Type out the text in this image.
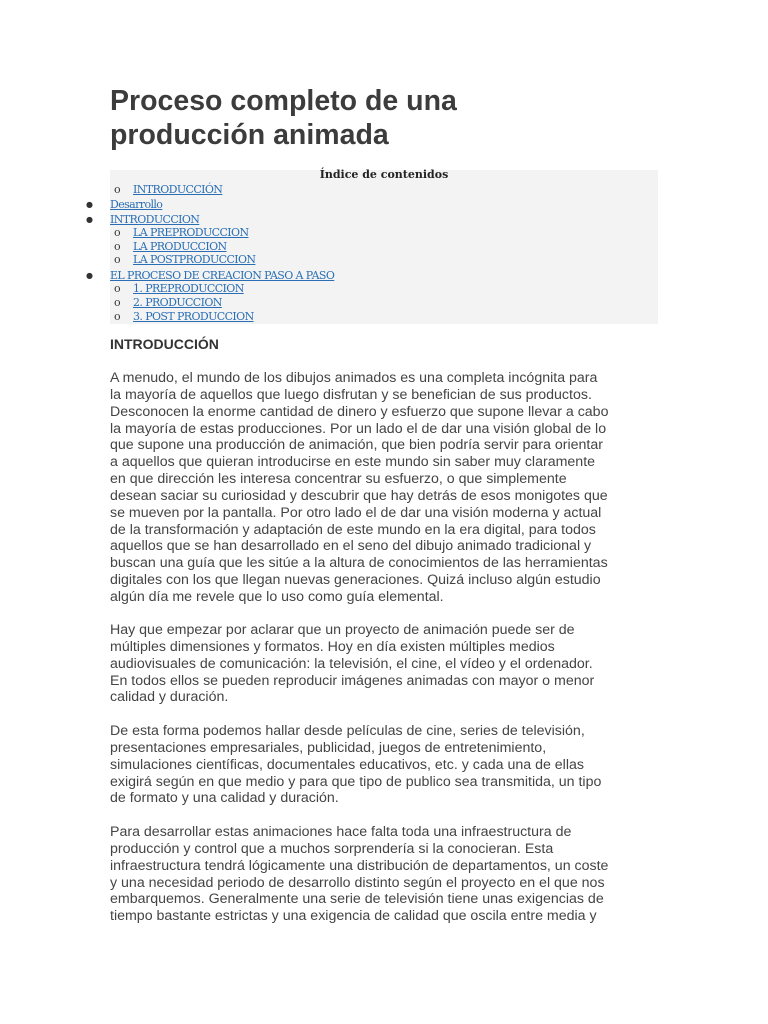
Proceso completo de una
producción animada
Índice de contenidos
o INTRODUCCIÓN
● Desarrollo
● INTRODUCCION
o LA PREPRODUCCION
o LA PRODUCCION
o LA POSTPRODUCCION
● EL PROCESO DE CREACION PASO A PASO
o 1. PREPRODUCCION
o 2. PRODUCCION
o 3. POST PRODUCCION
INTRODUCCIÓN
A menudo, el mundo de los dibujos animados es una completa incógnita para
la mayoría de aquellos que luego disfrutan y se benefician de sus productos.
Desconocen la enorme cantidad de dinero y esfuerzo que supone llevar a cabo
la mayoría de estas producciones. Por un lado el de dar una visión global de lo
que supone una producción de animación, que bien podría servir para orientar
a aquellos que quieran introducirse en este mundo sin saber muy claramente
en que dirección les interesa concentrar su esfuerzo, o que simplemente
desean saciar su curiosidad y descubrir que hay detrás de esos monigotes que
se mueven por la pantalla. Por otro lado el de dar una visión moderna y actual
de la transformación y adaptación de este mundo en la era digital, para todos
aquellos que se han desarrollado en el seno del dibujo animado tradicional y
buscan una guía que les sitúe a la altura de conocimientos de las herramientas
digitales con los que llegan nuevas generaciones. Quizá incluso algún estudio
algún día me revele que lo uso como guía elemental.
Hay que empezar por aclarar que un proyecto de animación puede ser de
múltiples dimensiones y formatos. Hoy en día existen múltiples medios
audiovisuales de comunicación: la televisión, el cine, el vídeo y el ordenador.
En todos ellos se pueden reproducir imágenes animadas con mayor o menor
calidad y duración.
De esta forma podemos hallar desde películas de cine, series de televisión,
presentaciones empresariales, publicidad, juegos de entretenimiento,
simulaciones científicas, documentales educativos, etc. y cada una de ellas
exigirá según en que medio y para que tipo de publico sea transmitida, un tipo
de formato y una calidad y duración.
Para desarrollar estas animaciones hace falta toda una infraestructura de
producción y control que a muchos sorprendería si la conocieran. Esta
infraestructura tendrá lógicamente una distribución de departamentos, un coste
y una necesidad periodo de desarrollo distinto según el proyecto en el que nos
embarquemos. Generalmente una serie de televisión tiene unas exigencias de
tiempo bastante estrictas y una exigencia de calidad que oscila entre media y
